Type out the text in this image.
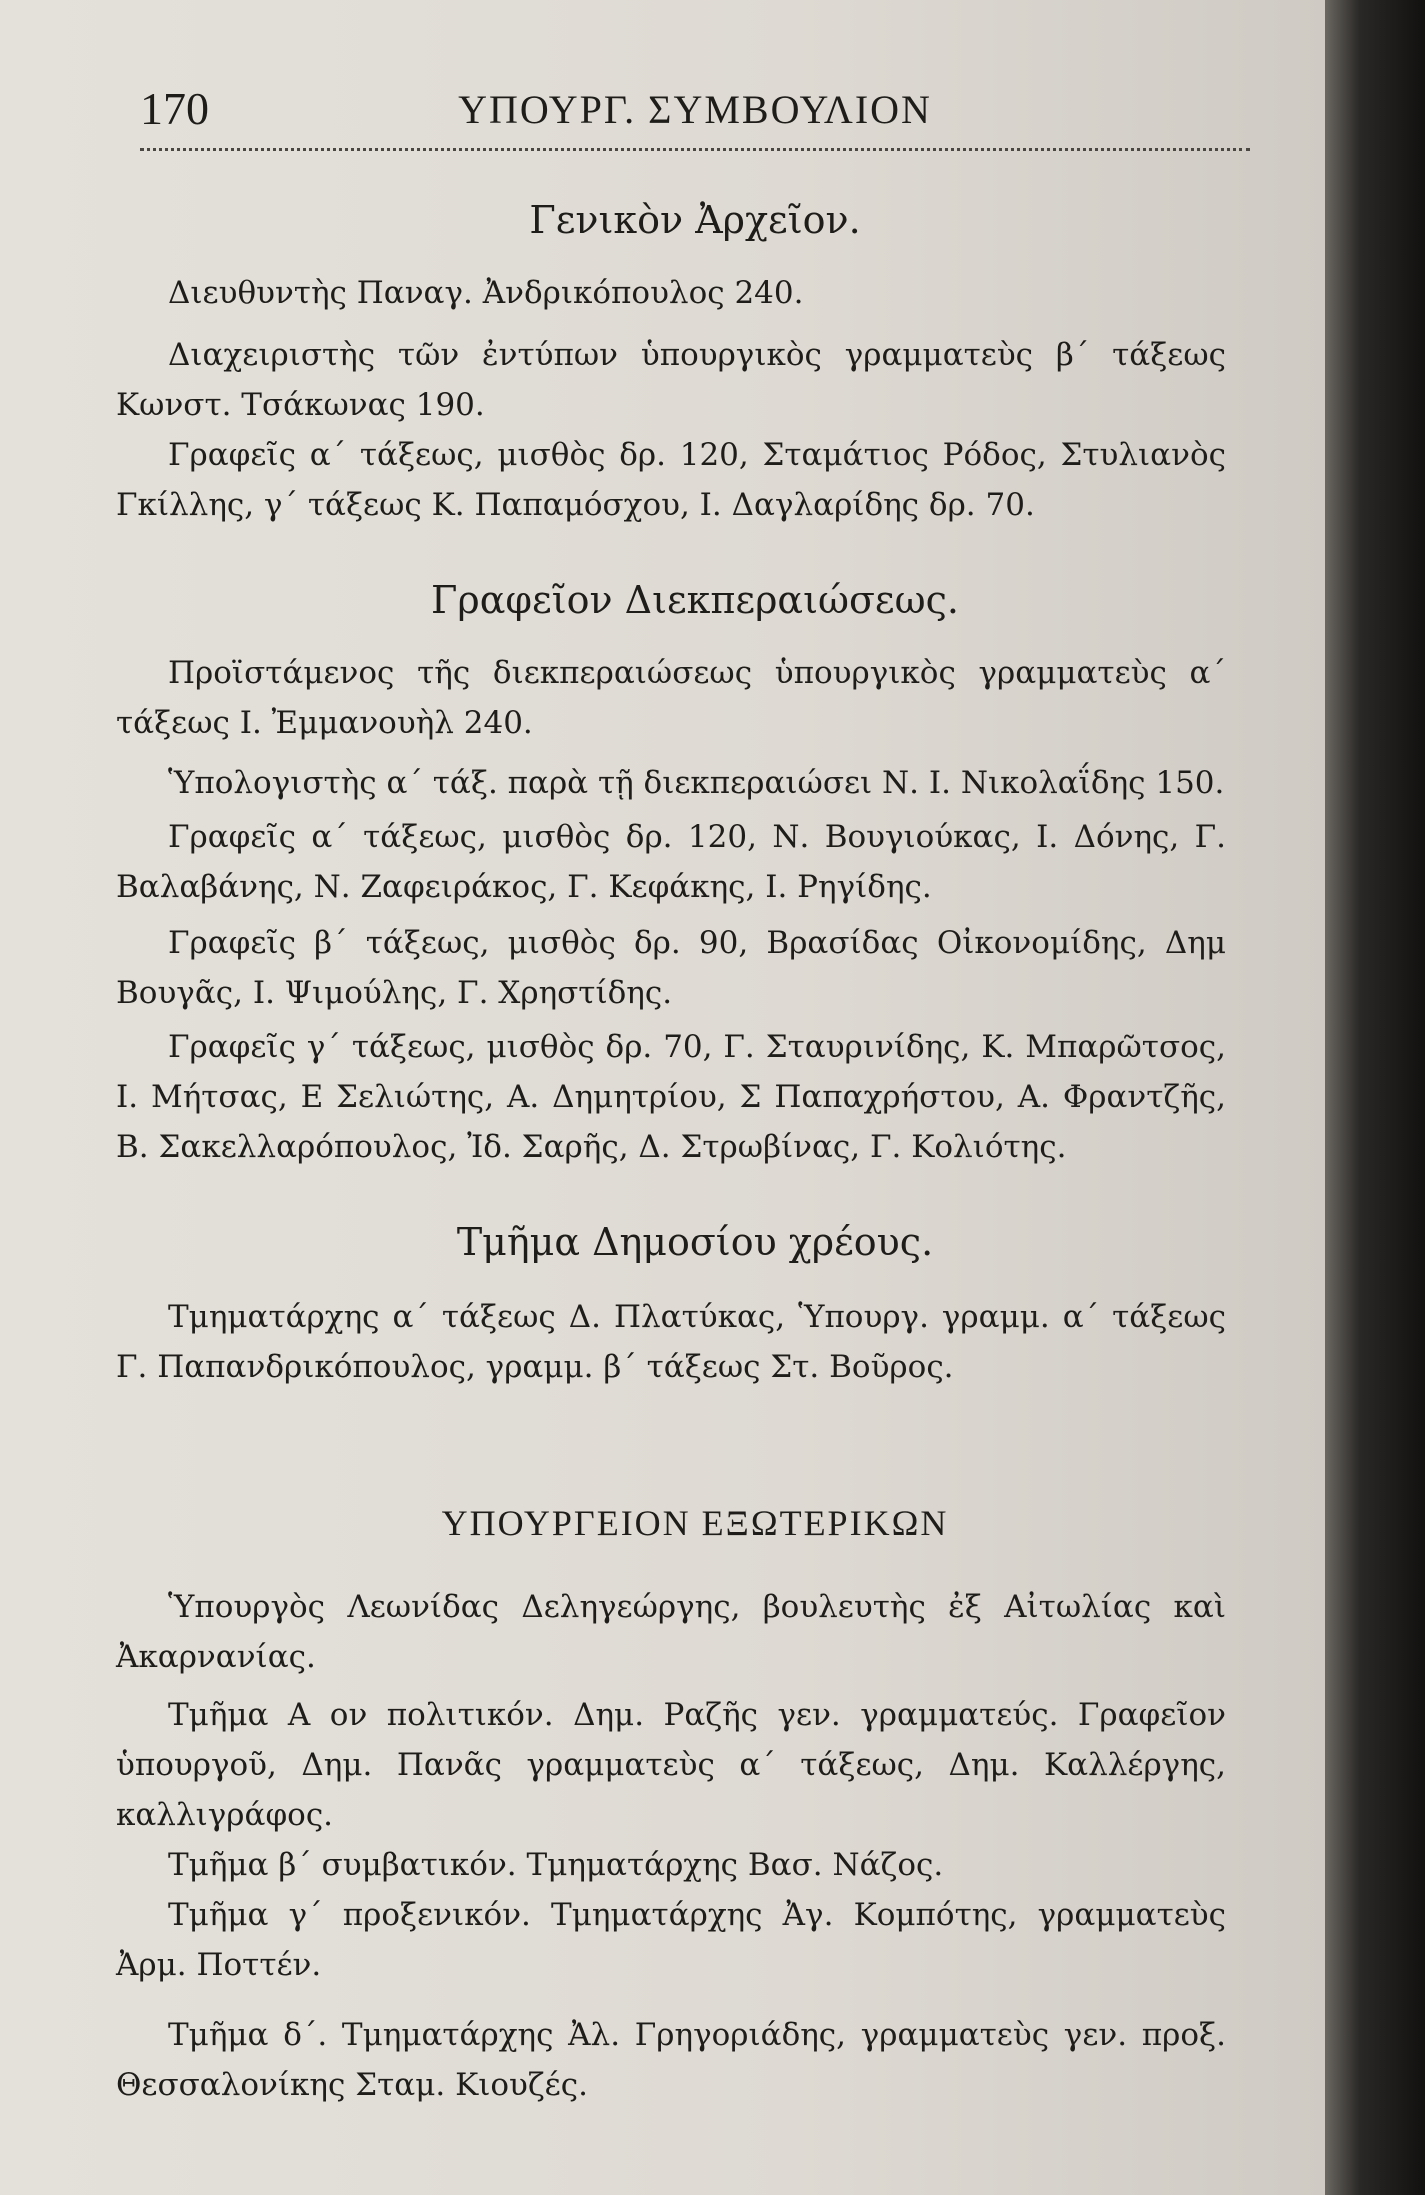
170	ΥΠΟΥΡΓ. ΣΥΜΒΟΥΛΙΟΝ
Γενικὸν Ἀρχεῖον.

Διευθυντὴς Παναγ. Ἀνδρικόπουλος 240.

Διαχειριστὴς τῶν ἐντύπων ὑπουργικὸς γραμματεὺς β΄ τάξεως Κωνστ. Τσάκωνας 190.

Γραφεῖς α΄ τάξεως, μισθὸς δρ. 120, Σταμάτιος Ρόδος, Στυλιανὸς Γκίλλης, γ΄ τάξεως Κ. Παπαμόσχου, Ι. Δαγλαρίδης δρ. 70.

Γραφεῖον Διεκπεραιώσεως.

Προϊστάμενος τῆς διεκπεραιώσεως ὑπουργικὸς γραμματεὺς α΄ τάξεως Ι. Ἐμμανουὴλ 240.

Ὑπολογιστὴς α΄ τάξ. παρὰ τῇ διεκπεραιώσει Ν. Ι. Νικολαΐδης 150.

Γραφεῖς α΄ τάξεως, μισθὸς δρ. 120, Ν. Βουγιούκας, Ι. Δόνης, Γ. Βαλαβάνης, Ν. Ζαφειράκος, Γ. Κεφάκης, Ι. Ρηγίδης.

Γραφεῖς β΄ τάξεως, μισθὸς δρ. 90, Βρασίδας Οἰκονομίδης, Δημ Βουγᾶς, Ι. Ψιμούλης, Γ. Χρηστίδης.

Γραφεῖς γ΄ τάξεως, μισθὸς δρ. 70, Γ. Σταυρινίδης, Κ. Μπαρῶτσος, Ι. Μήτσας, Ε Σελιώτης, Α. Δημητρίου, Σ Παπαχρήστου, Α. Φραντζῆς, Β. Σακελλαρόπουλος, Ἰδ. Σαρῆς, Δ. Στρωβίνας, Γ. Κολιότης.

Τμῆμα Δημοσίου χρέους.

Τμηματάρχης α΄ τάξεως Δ. Πλατύκας, Ὑπουργ. γραμμ. α΄ τάξεως Γ. Παπανδρικόπουλος, γραμμ. β΄ τάξεως Στ. Βοῦρος.

ΥΠΟΥΡΓΕΙΟΝ ΕΞΩΤΕΡΙΚΩΝ

Ὑπουργὸς Λεωνίδας Δεληγεώργης, βουλευτὴς ἐξ Αἰτωλίας καὶ Ἀκαρνανίας.

Τμῆμα Α ον πολιτικόν. Δημ. Ραζῆς γεν. γραμματεύς. Γραφεῖον ὑπουργοῦ, Δημ. Πανᾶς γραμματεὺς α΄ τάξεως, Δημ. Καλλέργης, καλλιγράφος.

Τμῆμα β΄ συμβατικόν. Τμηματάρχης Βασ. Νάζος.

Τμῆμα γ΄ προξενικόν. Τμηματάρχης Ἀγ. Κομπότης, γραμματεὺς Ἀρμ. Ποττέν.

Τμῆμα δ΄. Τμηματάρχης Ἀλ. Γρηγοριάδης, γραμματεὺς γεν. προξ. Θεσσαλονίκης Σταμ. Κιουζές.
